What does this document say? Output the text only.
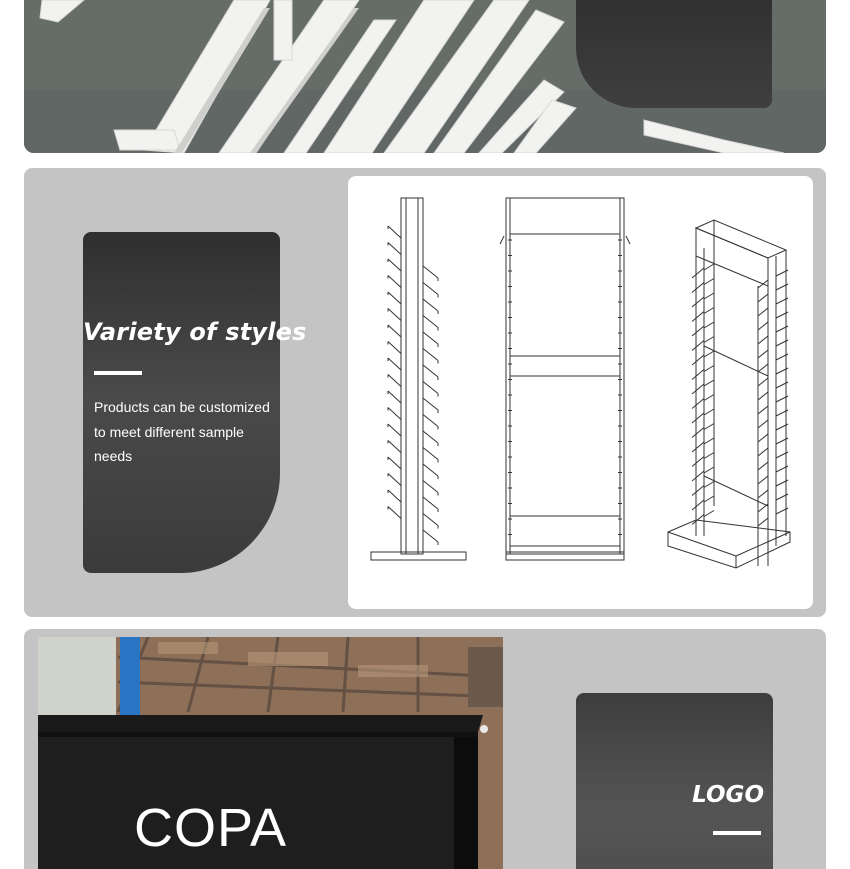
Variety of styles
Products can be customized to meet different sample needs
COPA
LOGO
